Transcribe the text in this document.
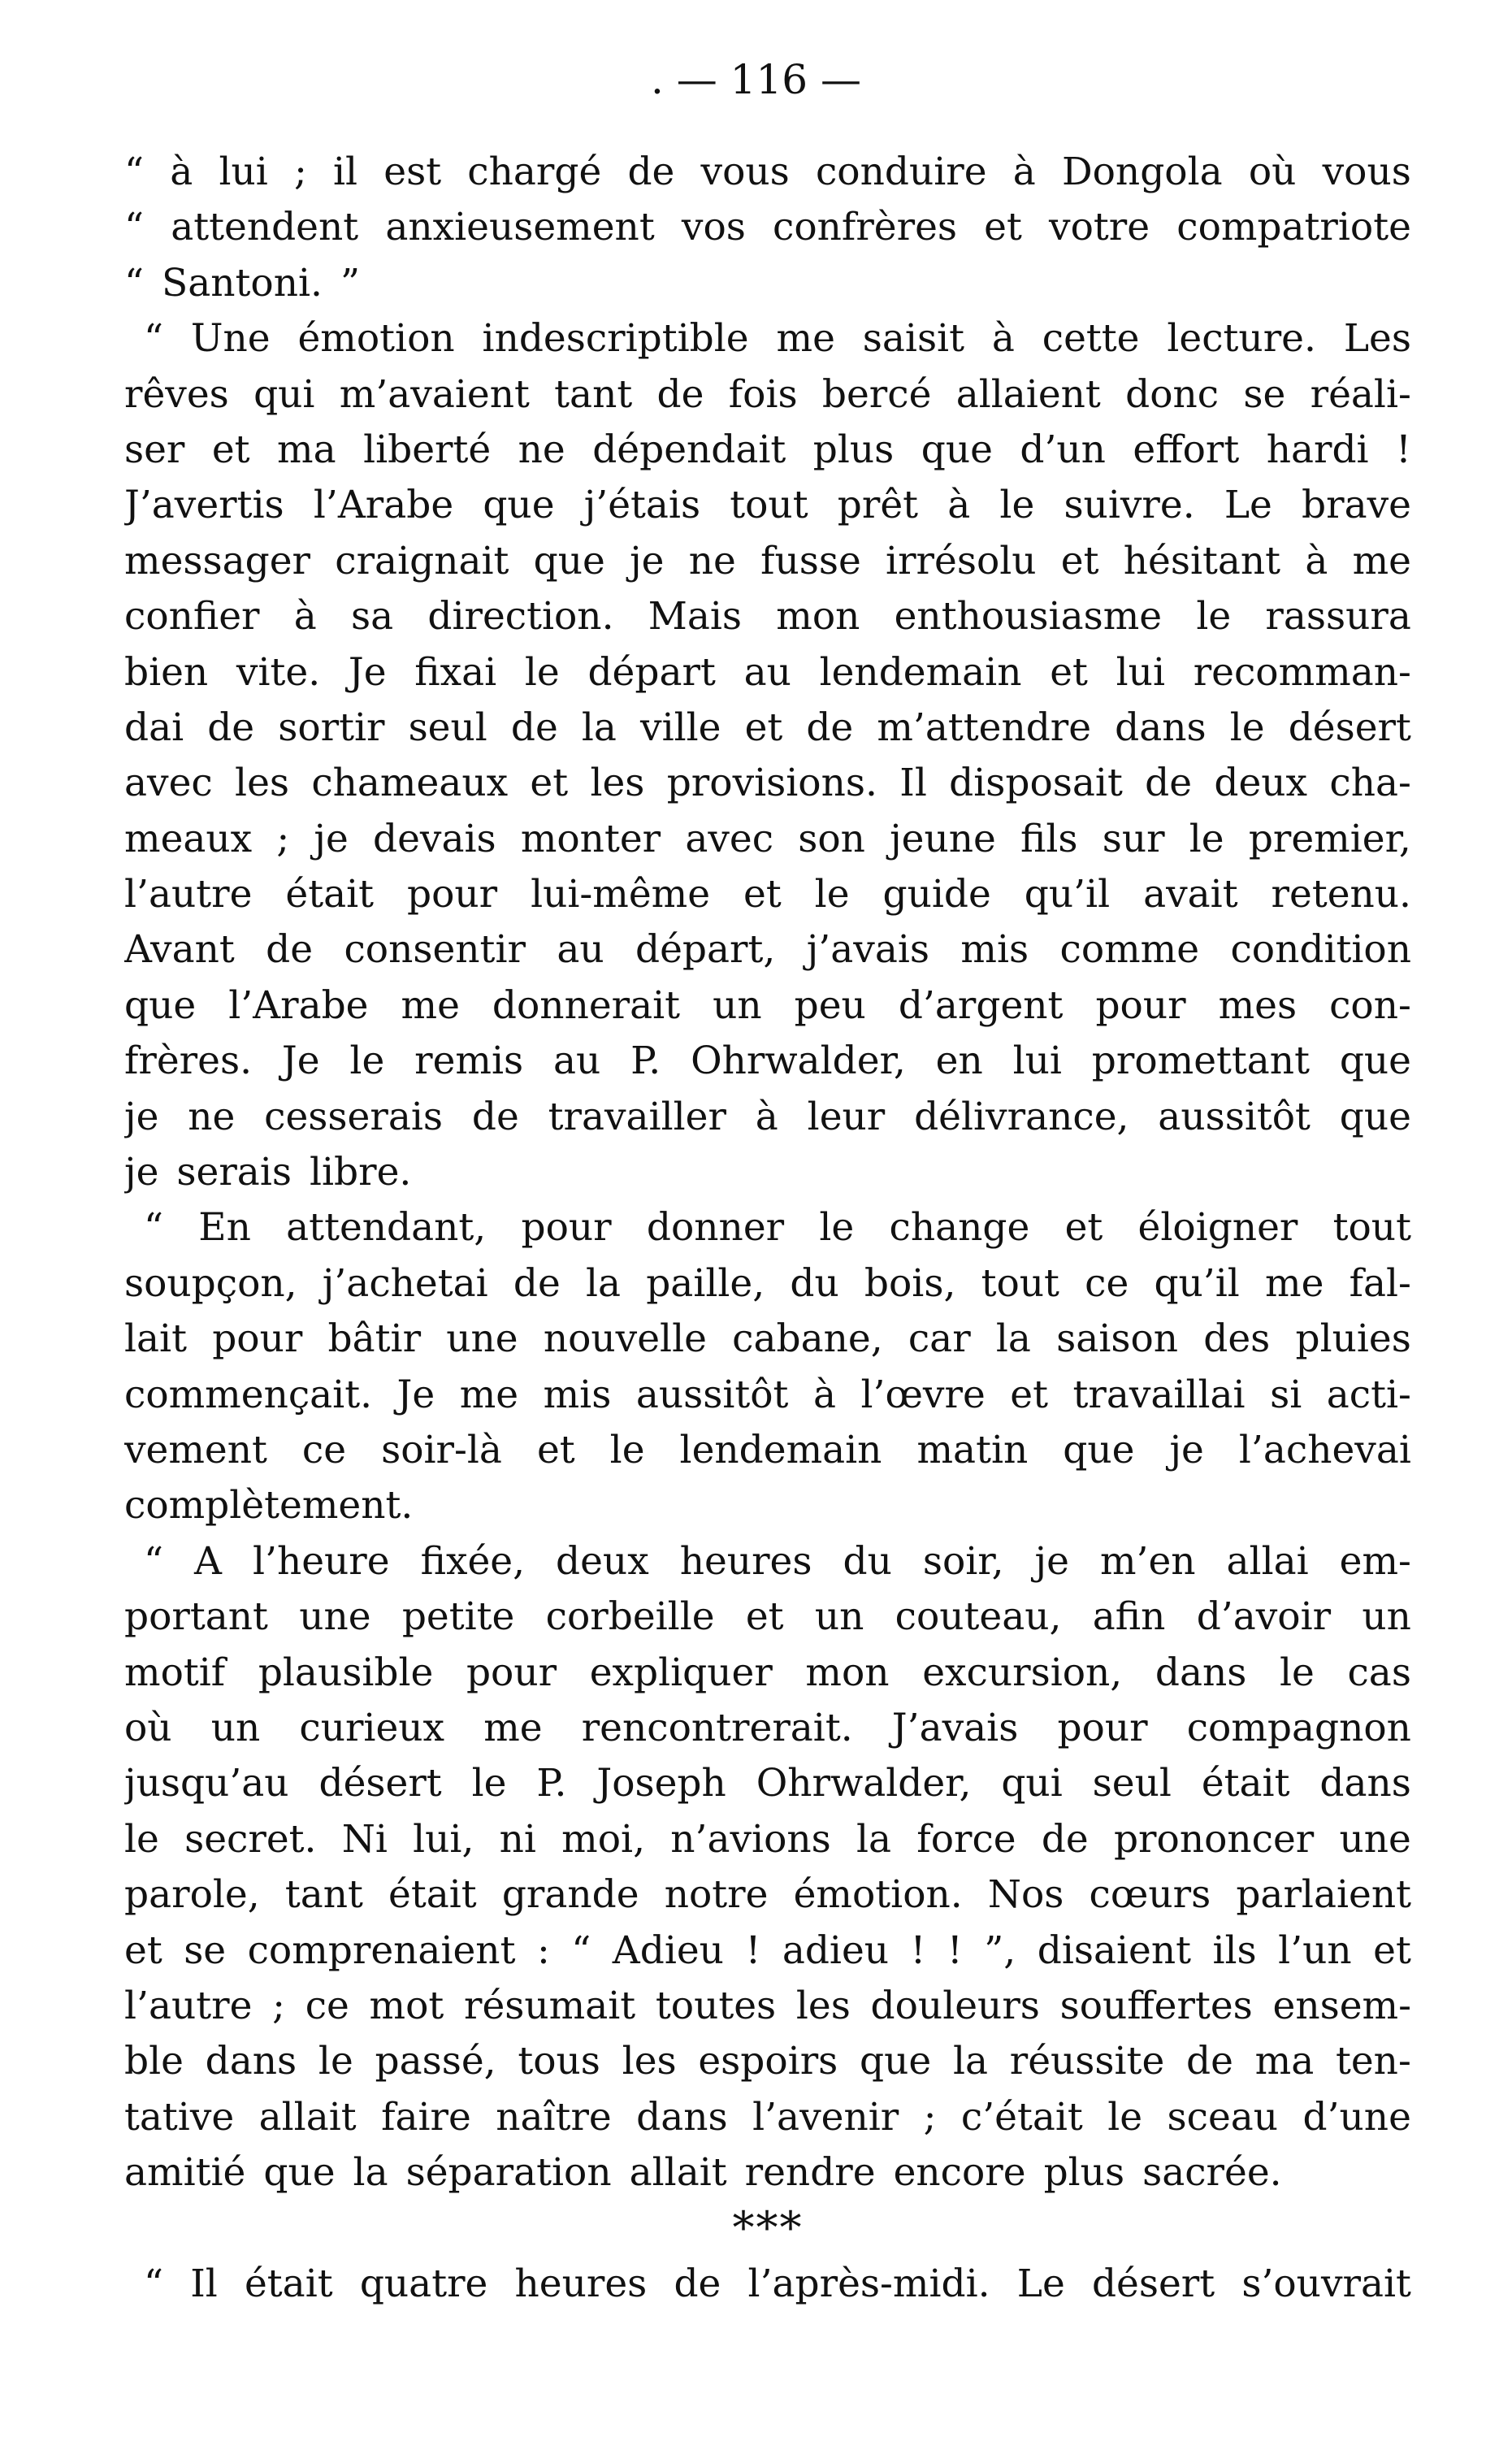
. — 116 —
“ à lui ; il est chargé de vous conduire à Dongola où vous
“ attendent anxieusement vos confrères et votre compatriote
“ Santoni. ”
“ Une émotion indescriptible me saisit à cette lecture. Les
rêves qui m’avaient tant de fois bercé allaient donc se réali-
ser et ma liberté ne dépendait plus que d’un effort hardi !
J’avertis l’Arabe que j’étais tout prêt à le suivre. Le brave
messager craignait que je ne fusse irrésolu et hésitant à me
confier à sa direction. Mais mon enthousiasme le rassura
bien vite. Je fixai le départ au lendemain et lui recomman-
dai de sortir seul de la ville et de m’attendre dans le désert
avec les chameaux et les provisions. Il disposait de deux cha-
meaux ; je devais monter avec son jeune fils sur le premier,
l’autre était pour lui-même et le guide qu’il avait retenu.
Avant de consentir au départ, j’avais mis comme condition
que l’Arabe me donnerait un peu d’argent pour mes con-
frères. Je le remis au P. Ohrwalder, en lui promettant que
je ne cesserais de travailler à leur délivrance, aussitôt que
je serais libre.
“ En attendant, pour donner le change et éloigner tout
soupçon, j’achetai de la paille, du bois, tout ce qu’il me fal-
lait pour bâtir une nouvelle cabane, car la saison des pluies
commençait. Je me mis aussitôt à l’œvre et travaillai si acti-
vement ce soir-là et le lendemain matin que je l’achevai
complètement.
“ A l’heure fixée, deux heures du soir, je m’en allai em-
portant une petite corbeille et un couteau, afin d’avoir un
motif plausible pour expliquer mon excursion, dans le cas
où un curieux me rencontrerait. J’avais pour compagnon
jusqu’au désert le P. Joseph Ohrwalder, qui seul était dans
le secret. Ni lui, ni moi, n’avions la force de prononcer une
parole, tant était grande notre émotion. Nos cœurs parlaient
et se comprenaient : “ Adieu ! adieu ! ! ”, disaient ils l’un et
l’autre ; ce mot résumait toutes les douleurs souffertes ensem-
ble dans le passé, tous les espoirs que la réussite de ma ten-
tative allait faire naître dans l’avenir ; c’était le sceau d’une
amitié que la séparation allait rendre encore plus sacrée.
***
“ Il était quatre heures de l’après-midi. Le désert s’ouvrait
